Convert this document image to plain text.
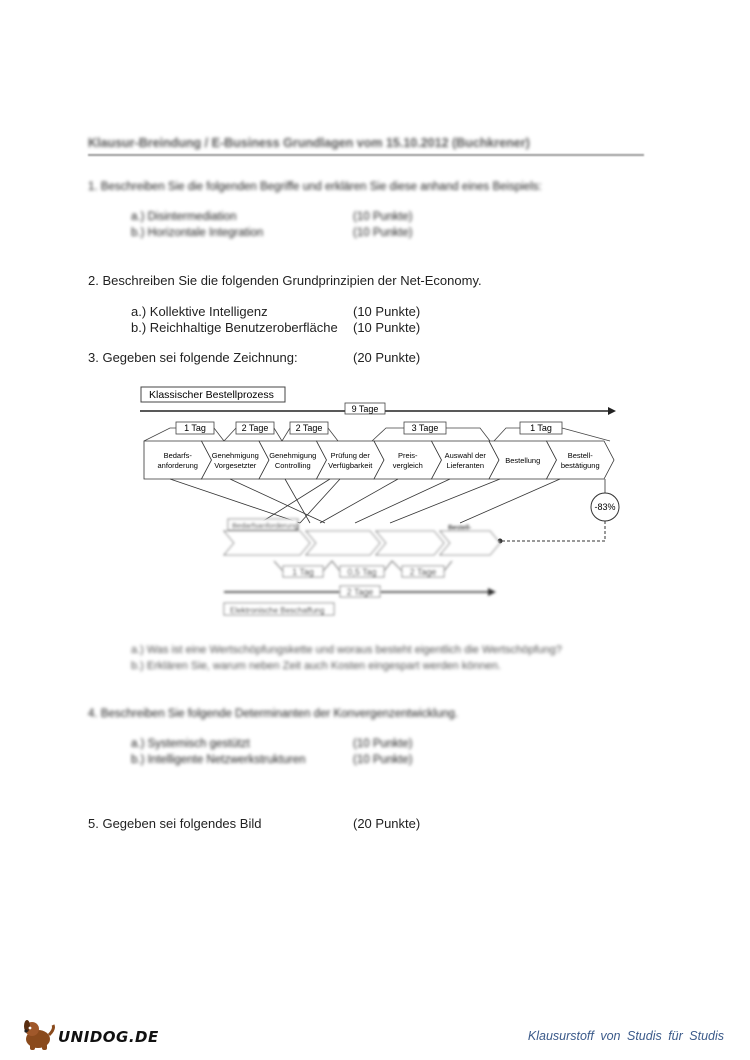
Klausur-Breindung / E-Business Grundlagen vom 15.10.2012 (Buchkrener)
1. Beschreiben Sie die folgenden Begriffe und erklären Sie diese anhand eines Beispiels:
a.) Disintermediation	(10 Punkte)
b.) Horizontale Integration	(10 Punkte)
2. Beschreiben Sie die folgenden Grundprinzipien der Net-Economy.
a.) Kollektive Intelligenz	(10 Punkte)
b.) Reichhaltige Benutzeroberfläche (10 Punkte)
3. Gegeben sei folgende Zeichnung:	(20 Punkte)
Klassischer Bestellprozess
9 Tage
1 Tag	2 Tage	2 Tage	3 Tage	1 Tag
Bedarfs-
anforderung
Genehmigung
Vorgesetzter
Genehmigung
Controlling
Prüfung der
Verfügbarkeit
Preis-
vergleich
Auswahl der
Lieferanten
Bestellung
Bestell-
bestätigung
-83%
Bedarfsanforderung	Bestell-
1 Tag	0,5 Tag	2 Tage
2 Tage
Elektronische Beschaffung
a.) Was ist eine Wertschöpfungskette und woraus besteht eigentlich die Wertschöpfung?
b.) Erklären Sie, warum neben Zeit auch Kosten eingespart werden können.
4. Beschreiben Sie folgende Determinanten der Konvergenzentwicklung.
a.) Systemisch gestützt	(10 Punkte)
b.) Intelligente Netzwerkstrukturen	(10 Punkte)
5. Gegeben sei folgendes Bild	(20 Punkte)
UNIDOG.DE	Klausurstoff von Studis für Studis
